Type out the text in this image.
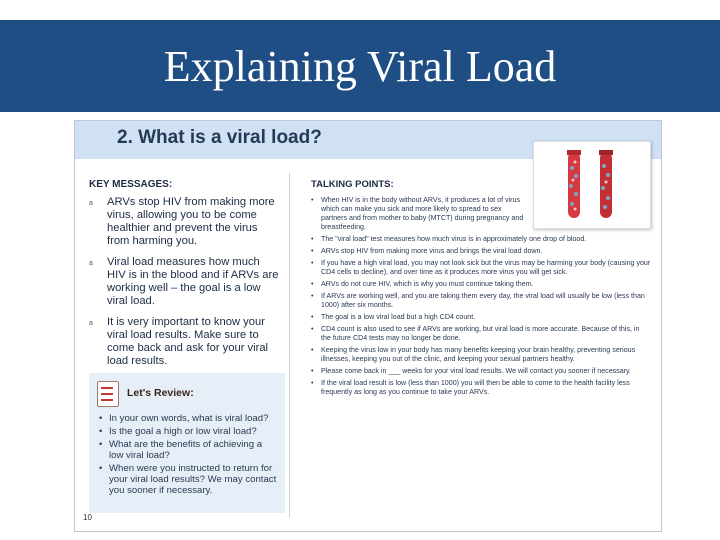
Explaining Viral Load
2. What is a viral load?
KEY MESSAGES:
a ARVs stop HIV from making more virus, allowing you to be come healthier and prevent the virus from harming you.
a Viral load measures how much HIV is in the blood and if ARVs are working well – the goal is a low viral load.
a It is very important to know your viral load results. Make sure to come back and ask for your viral load results.
Let's Review:
• In your own words, what is viral load?
• Is the goal a high or low viral load?
• What are the benefits of achieving a low viral load?
• When were you instructed to return for your viral load results? We may contact you sooner if necessary.
TALKING POINTS:
• When HIV is in the body without ARVs, it produces a lot of virus which can make you sick and more likely to spread to sex partners and from mother to baby (MTCT) during pregnancy and breastfeeding.
• The "viral load" test measures how much virus is in approximately one drop of blood.
• ARVs stop HIV from making more virus and brings the viral load down.
• If you have a high viral load, you may not look sick but the virus may be harming your body (causing your CD4 cells to decline), and over time as it produces more virus you will get sick.
• ARVs do not cure HIV, which is why you must continue taking them.
• If ARVs are working well, and you are taking them every day, the viral load will usually be low (less than 1000) after six months.
• The goal is a low viral load but a high CD4 count.
• CD4 count is also used to see if ARVs are working, but viral load is more accurate. Because of this, in the future CD4 tests may no longer be done.
• Keeping the virus low in your body has many benefits keeping your brain healthy, preventing serious illnesses, keeping you out of the clinic, and keeping your sexual partners healthy.
• Please come back in ___ weeks for your viral load results. We will contact you sooner if necessary.
• If the viral load result is low (less than 1000) you will then be able to come to the health facility less frequently as long as you continue to take your ARVs.
10
